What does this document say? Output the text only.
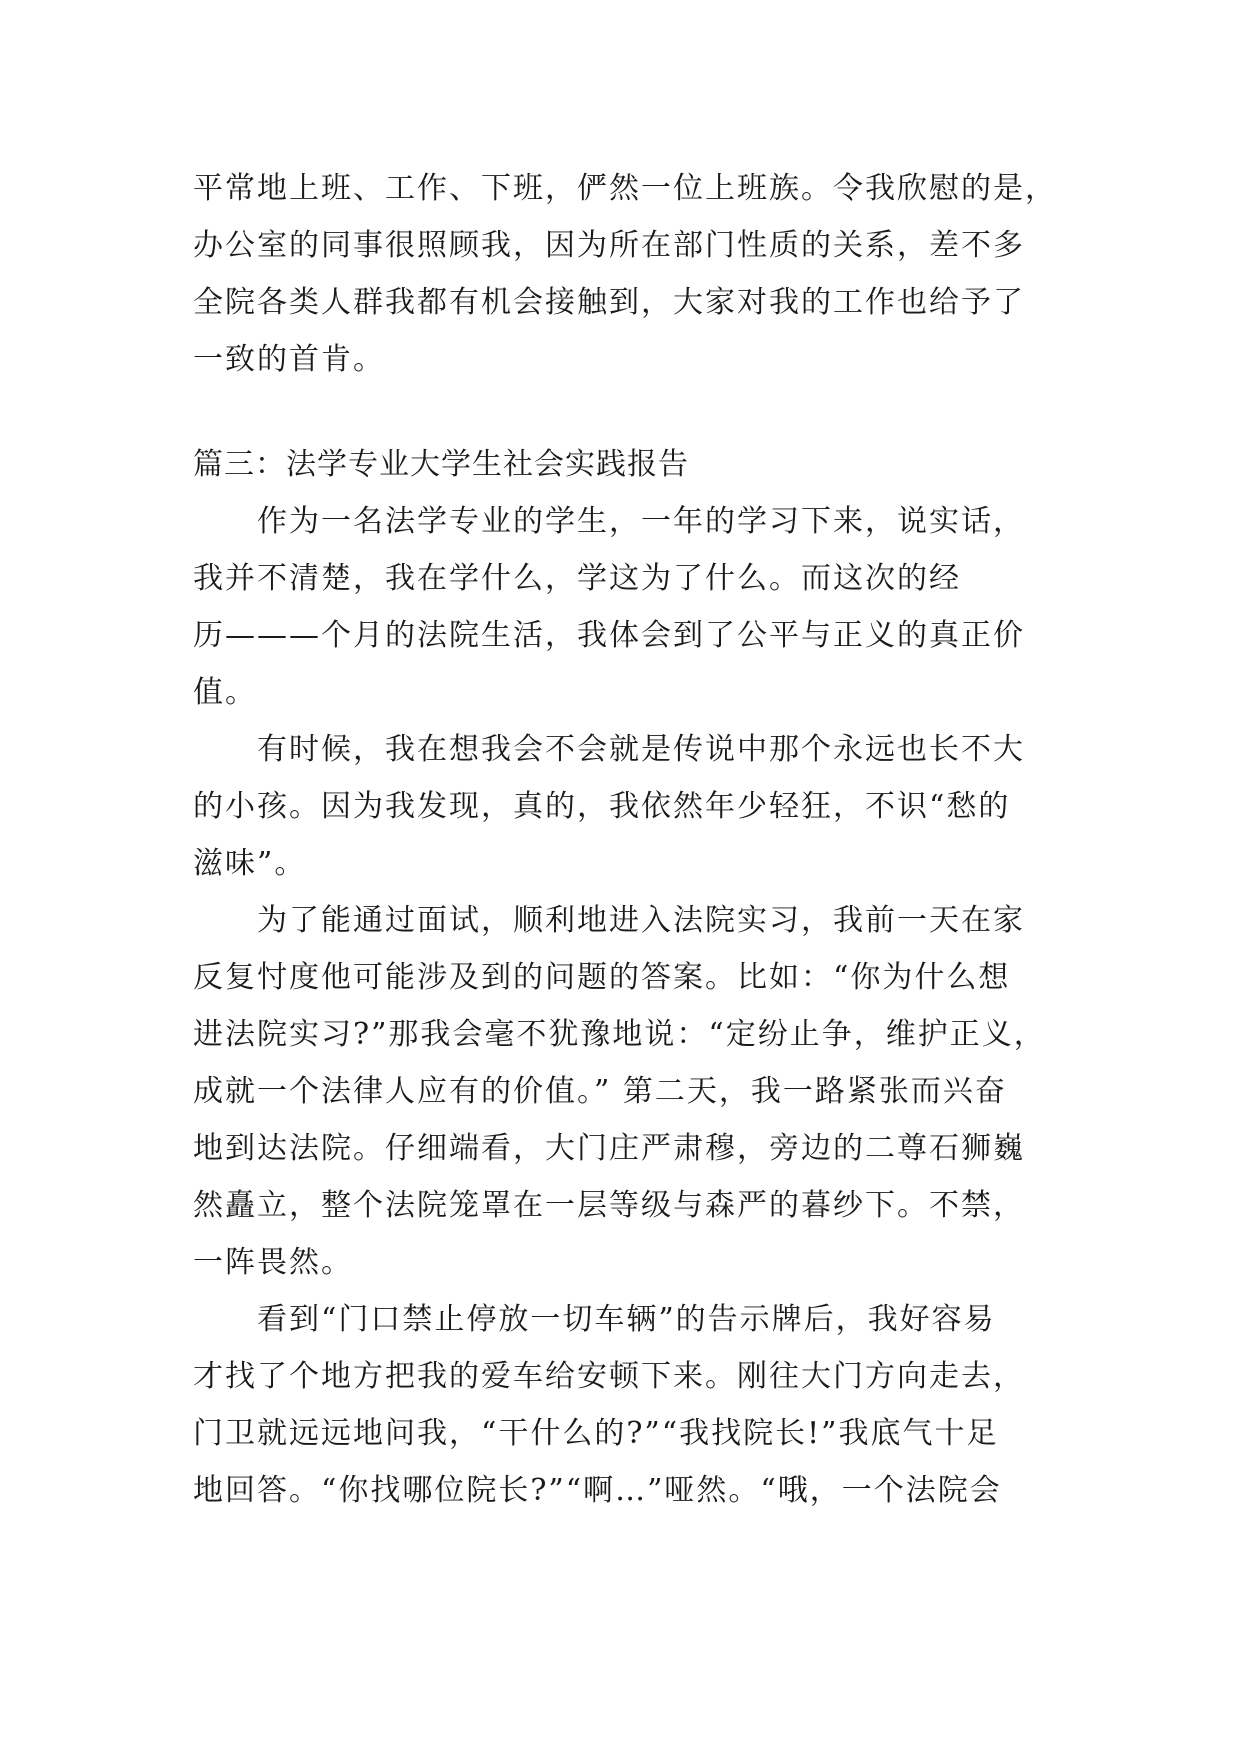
平常地上班、工作、下班，俨然一位上班族。令我欣慰的是，
办公室的同事很照顾我，因为所在部门性质的关系，差不多
全院各类人群我都有机会接触到，大家对我的工作也给予了
一致的首肯。
篇三：法学专业大学生社会实践报告
作为一名法学专业的学生，一年的学习下来，说实话，
我并不清楚，我在学什么，学这为了什么。而这次的经
历———个月的法院生活，我体会到了公平与正义的真正价
值。
有时候，我在想我会不会就是传说中那个永远也长不大
的小孩。因为我发现，真的，我依然年少轻狂，不识“愁的
滋味”。
为了能通过面试，顺利地进入法院实习，我前一天在家
反复忖度他可能涉及到的问题的答案。比如：“你为什么想
进法院实习?”那我会毫不犹豫地说：“定纷止争，维护正义，
成就一个法律人应有的价值。” 第二天，我一路紧张而兴奋
地到达法院。仔细端看，大门庄严肃穆，旁边的二尊石狮巍
然矗立，整个法院笼罩在一层等级与森严的暮纱下。不禁，
一阵畏然。
看到“门口禁止停放一切车辆”的告示牌后，我好容易
才找了个地方把我的爱车给安顿下来。刚往大门方向走去，
门卫就远远地问我，“干什么的?”“我找院长!”我底气十足
地回答。“你找哪位院长?”“啊…”哑然。“哦，一个法院会
